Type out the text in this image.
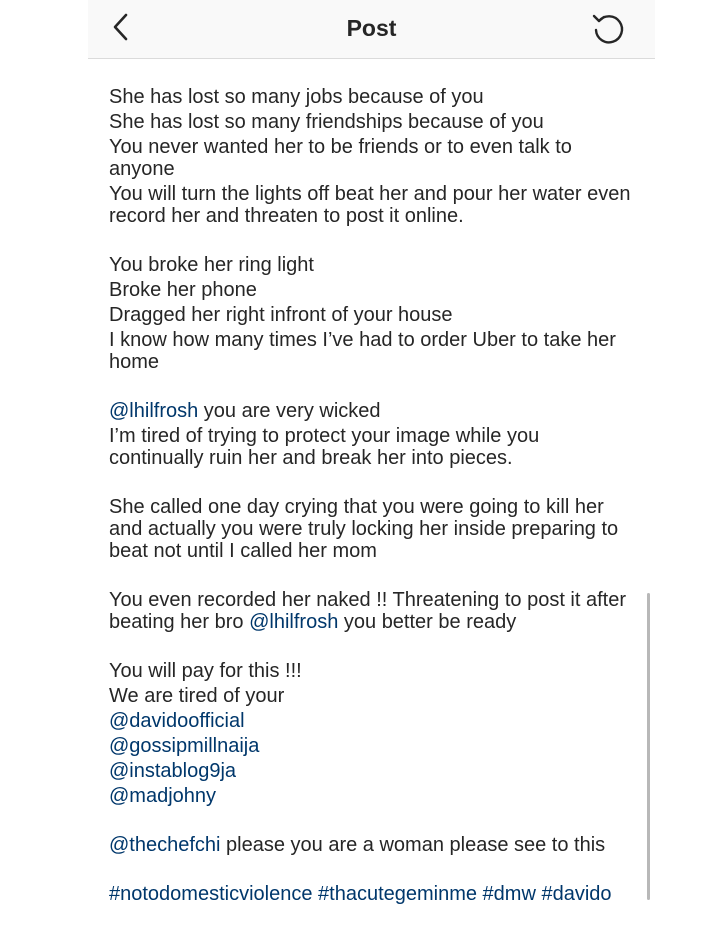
Post
She has lost so many jobs because of you
She has lost so many friendships because of you
You never wanted her to be friends or to even talk to anyone
You will turn the lights off beat her and pour her water even record her and threaten to post it online.
You broke her ring light
Broke her phone
Dragged her right infront of your house
I know how many times I’ve had to order Uber to take her home
@lhilfrosh you are very wicked
I’m tired of trying to protect your image while you continually ruin her and break her into pieces.
She called one day crying that you were going to kill her and actually you were truly locking her inside preparing to beat not until I called her mom
You even recorded her naked !! Threatening to post it after beating her bro @lhilfrosh you better be ready
You will pay for this !!!
We are tired of your
@davidoofficial
@gossipmillnaija
@instablog9ja
@madjohny
@thechefchi please you are a woman please see to this
#notodomesticviolence #thacutegeminme #dmw #davido
